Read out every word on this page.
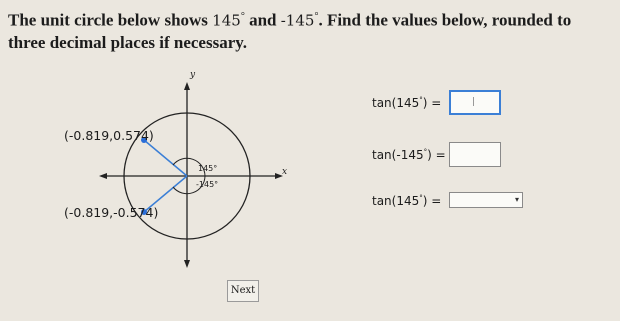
The unit circle below shows 145° and -145°. Find the values below, rounded to three decimal places if necessary.
y
x
(-0.819,0.574)
(-0.819,-0.574)
145°
-145°
tan(145°) =
tan(-145°) =
tan(145°) =	▾
Next
